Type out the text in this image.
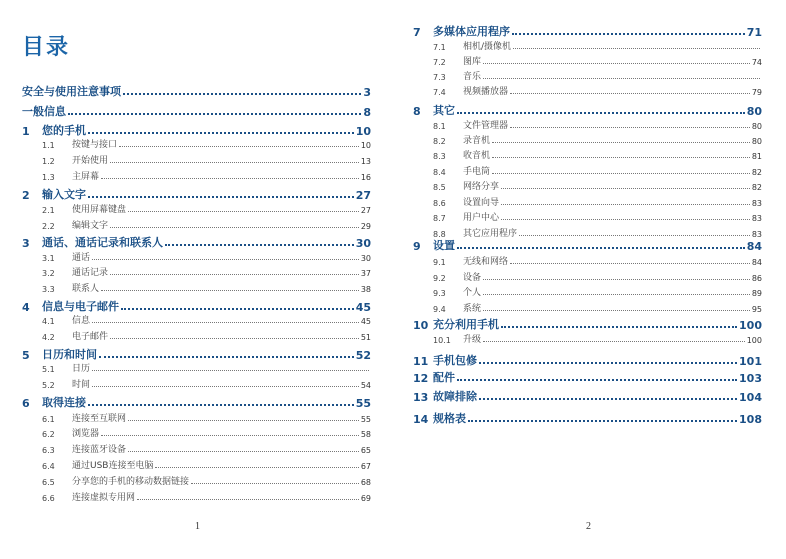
目录
安全与使用注意事项	3
一般信息	8
1	您的手机	10
1.1	按键与接口	10
1.2	开始使用	13
1.3	主屏幕	16
2	输入文字	27
2.1	使用屏幕键盘	27
2.2	编辑文字	29
3	通话、通话记录和联系人	30
3.1	通话	30
3.2	通话记录	37
3.3	联系人	38
4	信息与电子邮件	45
4.1	信息	45
4.2	电子邮件	51
5	日历和时间	52
5.1	日历
5.2	时间	54
6	取得连接	55
6.1	连接至互联网	55
6.2	浏览器	58
6.3	连接蓝牙设备	65
6.4	通过USB连接至电脑	67
6.5	分享您的手机的移动数据链接	68
6.6	连接虚拟专用网	69
7	多媒体应用程序	71
7.1	相机/摄像机
7.2	图库	74
7.3	音乐
7.4	视频播放器	79
8	其它	80
8.1	文件管理器	80
8.2	录音机	80
8.3	收音机	81
8.4	手电筒	82
8.5	网络分享	82
8.6	设置向导	83
8.7	用户中心	83
8.8	其它应用程序	83
9	设置	84
9.1	无线和网络	84
9.2	设备	86
9.3	个人	89
9.4	系统	95
10 充分利用手机	100
10.1	升级	100
11 手机包修	101
12 配件	103
13 故障排除	104
14 规格表	108
1	2
